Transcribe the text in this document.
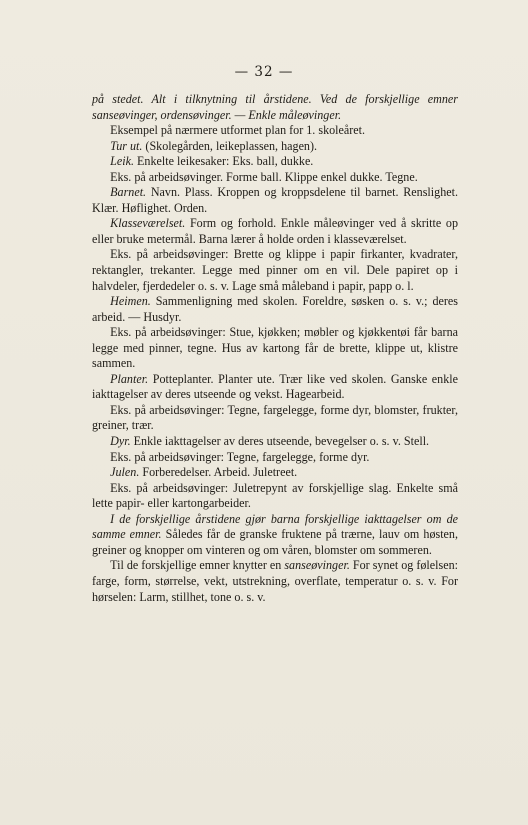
— 32 —

på stedet. Alt i tilknytning til årstidene. Ved de forskjellige emner sanseøvinger, ordensøvinger. — Enkle måleøvinger.

Eksempel på nærmere utformet plan for 1. skoleåret.

Tur ut. (Skolegården, leikeplassen, hagen).

Leik. Enkelte leikesaker: Eks. ball, dukke.

Eks. på arbeidsøvinger. Forme ball. Klippe enkel dukke. Tegne.

Barnet. Navn. Plass. Kroppen og kroppsdelene til barnet. Renslighet. Klær. Høflighet. Orden.

Klasseværelset. Form og forhold. Enkle måleøvinger ved å skritte op eller bruke metermål. Barna lærer å holde orden i klasseværelset.

Eks. på arbeidsøvinger: Brette og klippe i papir firkanter, kvadrater, rektangler, trekanter. Legge med pinner om en vil. Dele papiret op i halvdeler, fjerdedeler o. s. v. Lage små måleband i papir, papp o. l.

Heimen. Sammenligning med skolen. Foreldre, søsken o. s. v.; deres arbeid. — Husdyr.

Eks. på arbeidsøvinger: Stue, kjøkken; møbler og kjøkkentøi får barna legge med pinner, tegne. Hus av kartong får de brette, klippe ut, klistre sammen.

Planter. Potteplanter. Planter ute. Trær like ved skolen. Ganske enkle iakttagelser av deres utseende og vekst. Hagearbeid.

Eks. på arbeidsøvinger: Tegne, fargelegge, forme dyr, blomster, frukter, greiner, trær.

Dyr. Enkle iakttagelser av deres utseende, bevegelser o. s. v. Stell.

Eks. på arbeidsøvinger: Tegne, fargelegge, forme dyr.

Julen. Forberedelser. Arbeid. Juletreet.

Eks. på arbeidsøvinger: Juletrepynt av forskjellige slag. Enkelte små lette papir- eller kartongarbeider.

I de forskjellige årstidene gjør barna forskjellige iakttagelser om de samme emner. Således får de granske fruktene på trærne, lauv om høsten, greiner og knopper om vinteren og om våren, blomster om sommeren.

Til de forskjellige emner knytter en sanseøvinger. For synet og følelsen: farge, form, størrelse, vekt, utstrekning, overflate, temperatur o. s. v. For hørselen: Larm, stillhet, tone o. s. v.
